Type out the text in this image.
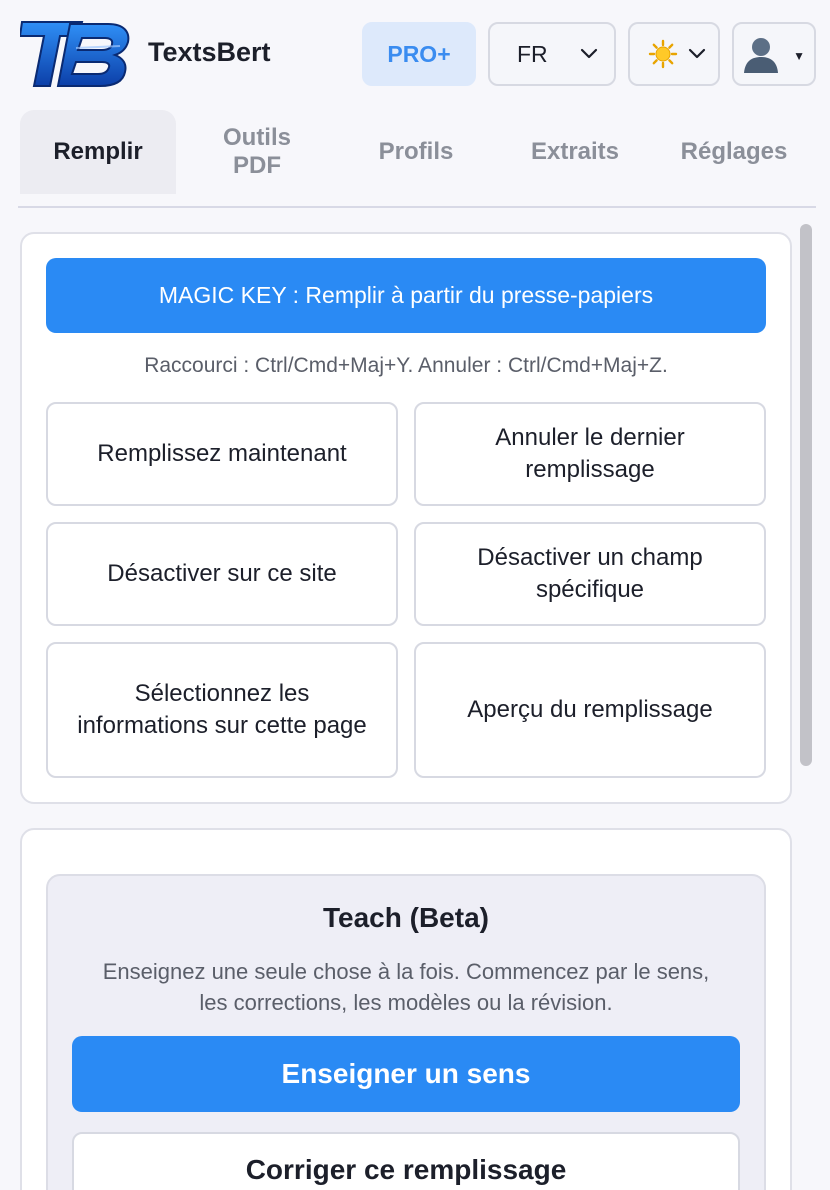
TextsBert	PRO+	FR	▼
Remplir
Outils PDF
Profils	Extraits	Réglages
MAGIC KEY : Remplir à partir du presse-papiers
Raccourci : Ctrl/Cmd+Maj+Y. Annuler : Ctrl/Cmd+Maj+Z.
Remplissez maintenant
Annuler le dernier remplissage
Désactiver sur ce site
Désactiver un champ spécifique
Sélectionnez les informations sur cette page
Aperçu du remplissage
Teach (Beta)
Enseignez une seule chose à la fois. Commencez par le sens, les corrections, les modèles ou la révision.
Enseigner un sens
Corriger ce remplissage
